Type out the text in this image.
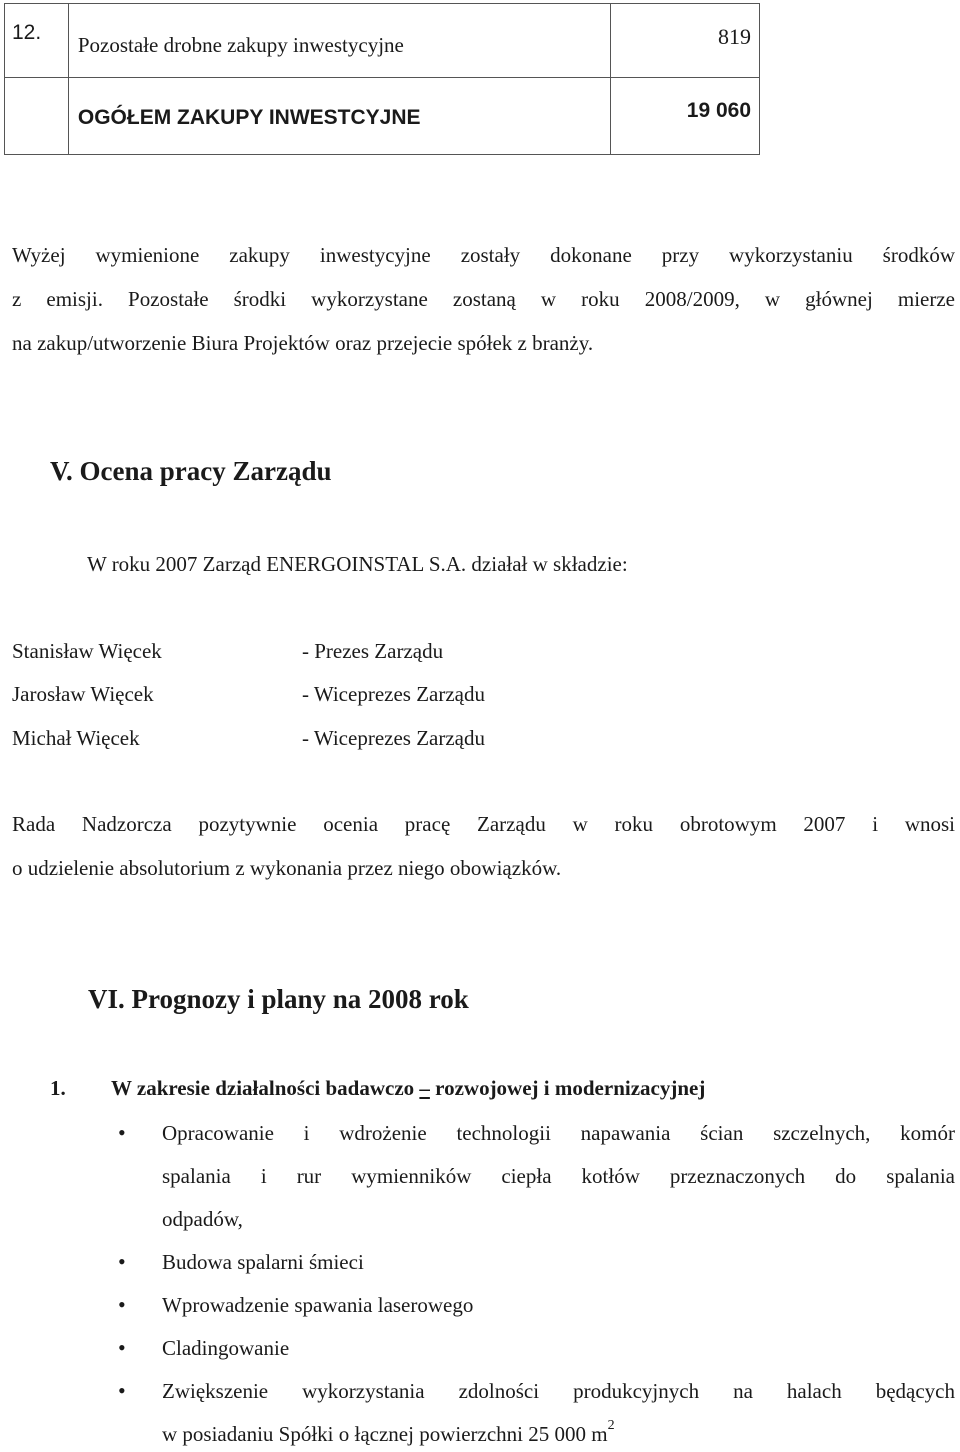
12.	Pozostałe drobne zakupy inwestycyjne	819

	OGÓŁEM ZAKUPY INWESTCYJNE	19 060
Wyżej wymienione zakupy inwestycyjne zostały dokonane przy wykorzystaniu środków
z emisji. Pozostałe środki wykorzystane zostaną w roku 2008/2009, w głównej mierze
na zakup/utworzenie Biura Projektów oraz przejecie spółek z branży.
V. Ocena pracy Zarządu
W roku 2007 Zarząd ENERGOINSTAL S.A. działał w składzie:
Stanisław Więcek	- Prezes Zarządu
Jarosław Więcek	- Wiceprezes Zarządu
Michał Więcek	- Wiceprezes Zarządu
Rada Nadzorcza pozytywnie ocenia pracę Zarządu w roku obrotowym 2007 i wnosi
o udzielenie absolutorium z wykonania przez niego obowiązków.
VI. Prognozy i plany na 2008 rok
1. W zakresie działalności badawczo – rozwojowej i modernizacyjnej
• Opracowanie i wdrożenie technologii napawania ścian szczelnych, komór
spalania i rur wymienników ciepła kotłów przeznaczonych do spalania
odpadów,
• Budowa spalarni śmieci
• Wprowadzenie spawania laserowego
• Cladingowanie
• Zwiększenie wykorzystania zdolności produkcyjnych na halach będących
w posiadaniu Spółki o łącznej powierzchni 25 000 $m^2$
